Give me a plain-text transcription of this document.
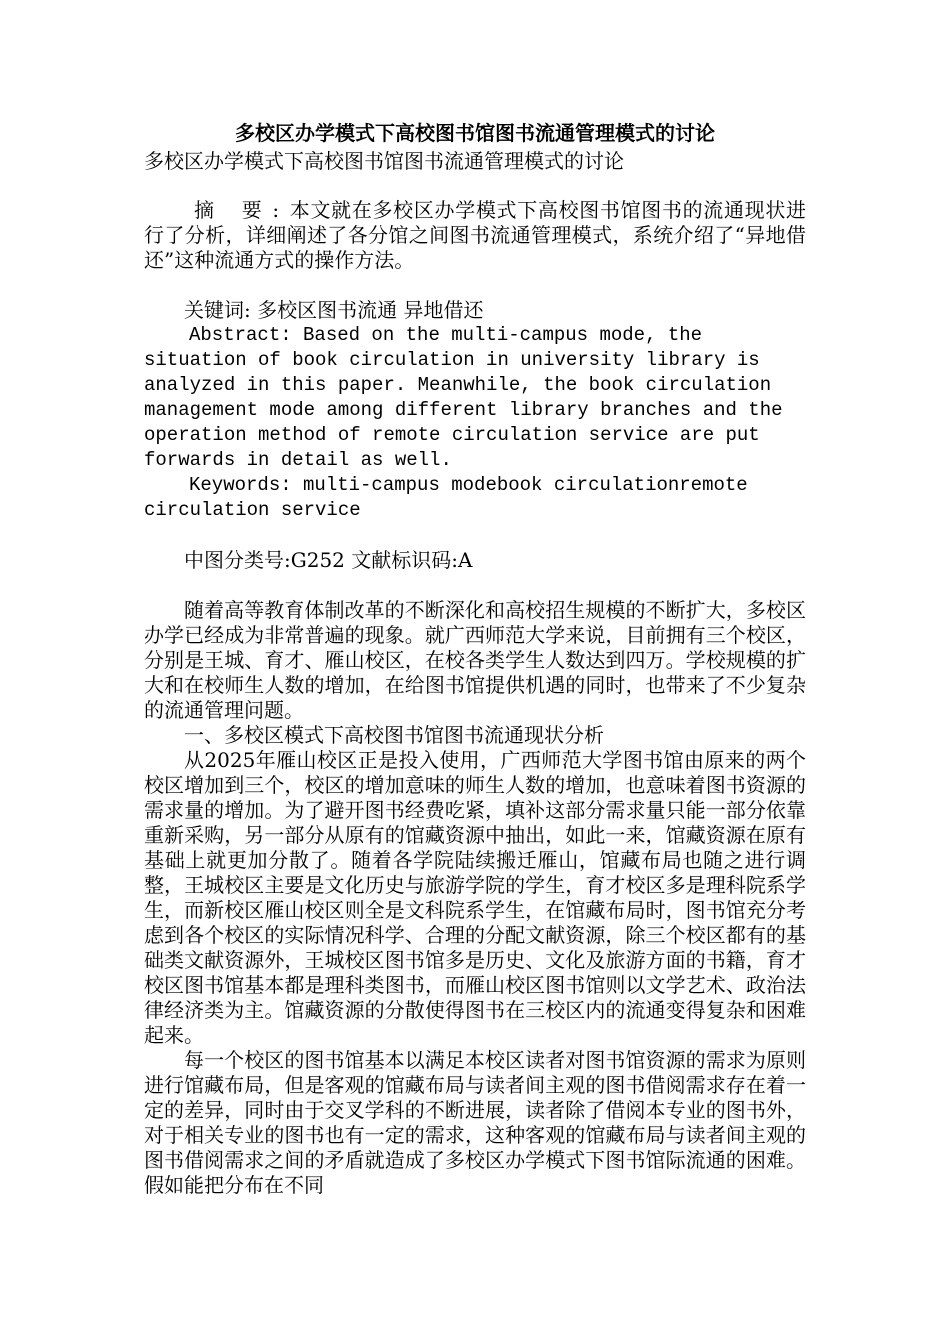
多校区办学模式下高校图书馆图书流通管理模式的讨论

多校区办学模式下高校图书馆图书流通管理模式的讨论

摘 要:本文就在多校区办学模式下高校图书馆图书的流通现状进行了分析，详细阐述了各分馆之间图书流通管理模式，系统介绍了“异地借还”这种流通方式的操作方法。

关键词: 多校区图书流通 异地借还

Abstract: Based on the multi-campus mode, the situation of book circulation in university library is analyzed in this paper. Meanwhile, the book circulation management mode among different library branches and the operation method of remote circulation service are put forwards in detail as well.

Keywords: multi-campus modebook circulationremote circulation service

中图分类号:G252 文献标识码:A

随着高等教育体制改革的不断深化和高校招生规模的不断扩大，多校区办学已经成为非常普遍的现象。就广西师范大学来说，目前拥有三个校区，分别是王城、育才、雁山校区，在校各类学生人数达到四万。学校规模的扩大和在校师生人数的增加，在给图书馆提供机遇的同时，也带来了不少复杂的流通管理问题。

一、多校区模式下高校图书馆图书流通现状分析

从2025年雁山校区正是投入使用，广西师范大学图书馆由原来的两个校区增加到三个，校区的增加意味的师生人数的增加，也意味着图书资源的需求量的增加。为了避开图书经费吃紧，填补这部分需求量只能一部分依靠重新采购，另一部分从原有的馆藏资源中抽出，如此一来，馆藏资源在原有基础上就更加分散了。随着各学院陆续搬迁雁山，馆藏布局也随之进行调整，王城校区主要是文化历史与旅游学院的学生，育才校区多是理科院系学生，而新校区雁山校区则全是文科院系学生，在馆藏布局时，图书馆充分考虑到各个校区的实际情况科学、合理的分配文献资源，除三个校区都有的基础类文献资源外，王城校区图书馆多是历史、文化及旅游方面的书籍，育才校区图书馆基本都是理科类图书，而雁山校区图书馆则以文学艺术、政治法律经济类为主。馆藏资源的分散使得图书在三校区内的流通变得复杂和困难起来。

每一个校区的图书馆基本以满足本校区读者对图书馆资源的需求为原则进行馆藏布局，但是客观的馆藏布局与读者间主观的图书借阅需求存在着一定的差异，同时由于交叉学科的不断进展，读者除了借阅本专业的图书外，对于相关专业的图书也有一定的需求，这种客观的馆藏布局与读者间主观的图书借阅需求之间的矛盾就造成了多校区办学模式下图书馆际流通的困难。假如能把分布在不同
